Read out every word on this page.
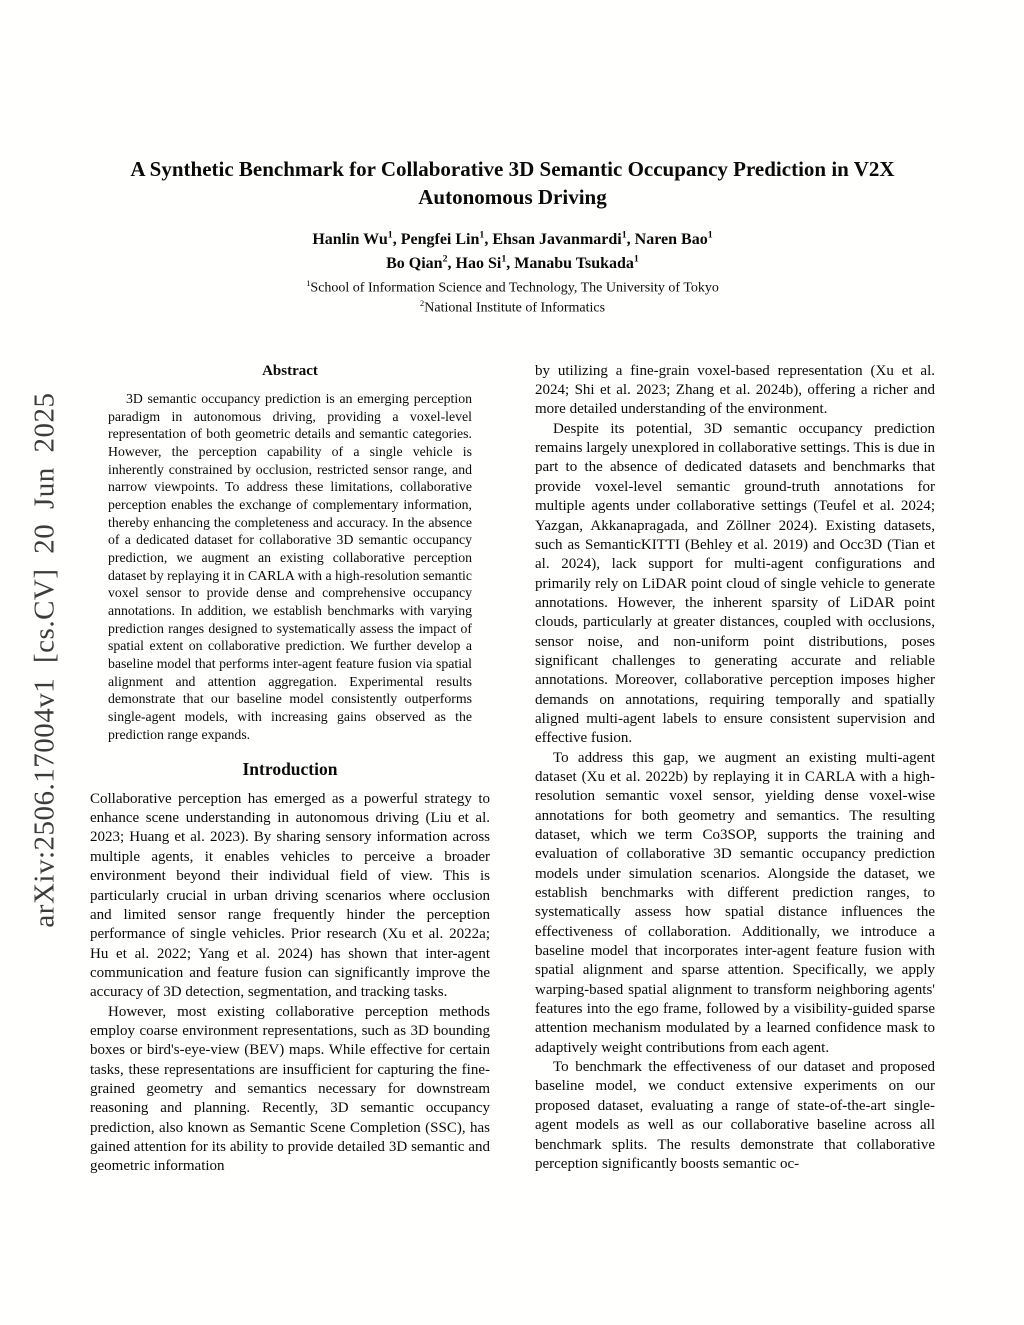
arXiv:2506.17004v1 [cs.CV] 20 Jun 2025
A Synthetic Benchmark for Collaborative 3D Semantic Occupancy Prediction in V2X Autonomous Driving
Hanlin Wu$^1$, Pengfei Lin$^1$, Ehsan Javanmardi$^1$, Naren Bao$^1$
Bo Qian$^2$, Hao Si$^1$, Manabu Tsukada$^1$
$^1$School of Information Science and Technology, The University of Tokyo
$^2$National Institute of Informatics
Abstract

3D semantic occupancy prediction is an emerging perception paradigm in autonomous driving, providing a voxel-level representation of both geometric details and semantic categories. However, the perception capability of a single vehicle is inherently constrained by occlusion, restricted sensor range, and narrow viewpoints. To address these limitations, collaborative perception enables the exchange of complementary information, thereby enhancing the completeness and accuracy. In the absence of a dedicated dataset for collaborative 3D semantic occupancy prediction, we augment an existing collaborative perception dataset by replaying it in CARLA with a high-resolution semantic voxel sensor to provide dense and comprehensive occupancy annotations. In addition, we establish benchmarks with varying prediction ranges designed to systematically assess the impact of spatial extent on collaborative prediction. We further develop a baseline model that performs inter-agent feature fusion via spatial alignment and attention aggregation. Experimental results demonstrate that our baseline model consistently outperforms single-agent models, with increasing gains observed as the prediction range expands.

Introduction

Collaborative perception has emerged as a powerful strategy to enhance scene understanding in autonomous driving (Liu et al. 2023; Huang et al. 2023). By sharing sensory information across multiple agents, it enables vehicles to perceive a broader environment beyond their individual field of view. This is particularly crucial in urban driving scenarios where occlusion and limited sensor range frequently hinder the perception performance of single vehicles. Prior research (Xu et al. 2022a; Hu et al. 2022; Yang et al. 2024) has shown that inter-agent communication and feature fusion can significantly improve the accuracy of 3D detection, segmentation, and tracking tasks.

However, most existing collaborative perception methods employ coarse environment representations, such as 3D bounding boxes or bird's-eye-view (BEV) maps. While effective for certain tasks, these representations are insufficient for capturing the fine-grained geometry and semantics necessary for downstream reasoning and planning. Recently, 3D semantic occupancy prediction, also known as Semantic Scene Completion (SSC), has gained attention for its ability to provide detailed 3D semantic and geometric information

by utilizing a fine-grain voxel-based representation (Xu et al. 2024; Shi et al. 2023; Zhang et al. 2024b), offering a richer and more detailed understanding of the environment.

Despite its potential, 3D semantic occupancy prediction remains largely unexplored in collaborative settings. This is due in part to the absence of dedicated datasets and benchmarks that provide voxel-level semantic ground-truth annotations for multiple agents under collaborative settings (Teufel et al. 2024; Yazgan, Akkanapragada, and Zöllner 2024). Existing datasets, such as SemanticKITTI (Behley et al. 2019) and Occ3D (Tian et al. 2024), lack support for multi-agent configurations and primarily rely on LiDAR point cloud of single vehicle to generate annotations. However, the inherent sparsity of LiDAR point clouds, particularly at greater distances, coupled with occlusions, sensor noise, and non-uniform point distributions, poses significant challenges to generating accurate and reliable annotations. Moreover, collaborative perception imposes higher demands on annotations, requiring temporally and spatially aligned multi-agent labels to ensure consistent supervision and effective fusion.

To address this gap, we augment an existing multi-agent dataset (Xu et al. 2022b) by replaying it in CARLA with a high-resolution semantic voxel sensor, yielding dense voxel-wise annotations for both geometry and semantics. The resulting dataset, which we term Co3SOP, supports the training and evaluation of collaborative 3D semantic occupancy prediction models under simulation scenarios. Alongside the dataset, we establish benchmarks with different prediction ranges, to systematically assess how spatial distance influences the effectiveness of collaboration. Additionally, we introduce a baseline model that incorporates inter-agent feature fusion with spatial alignment and sparse attention. Specifically, we apply warping-based spatial alignment to transform neighboring agents' features into the ego frame, followed by a visibility-guided sparse attention mechanism modulated by a learned confidence mask to adaptively weight contributions from each agent.

To benchmark the effectiveness of our dataset and proposed baseline model, we conduct extensive experiments on our proposed dataset, evaluating a range of state-of-the-art single-agent models as well as our collaborative baseline across all benchmark splits. The results demonstrate that collaborative perception significantly boosts semantic oc-
